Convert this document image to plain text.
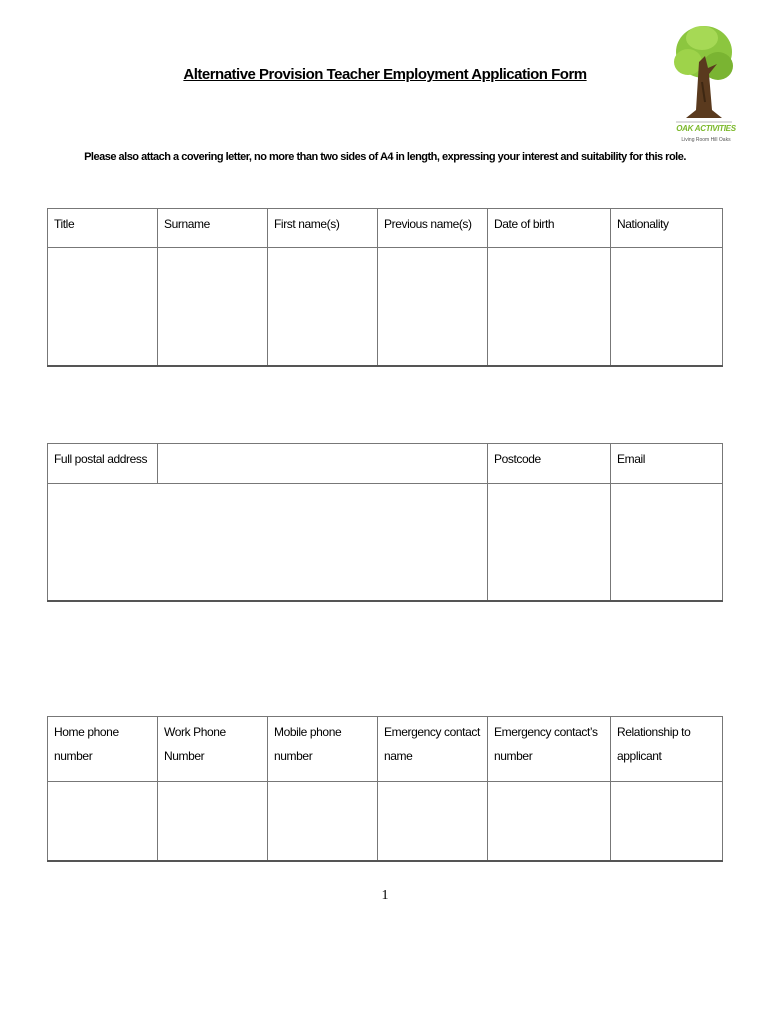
Alternative Provision Teacher Employment Application Form
Please also attach a covering letter, no more than two sides of A4 in length, expressing your interest and suitability for this role.
OAK ACTIVITIES
Living Room Hill Oaks
Title	Surname	First name(s)	Previous name(s)	Date of birth	Nationality

Full postal address		Postcode	Email

Home phone number	Work Phone Number	Mobile phone number	Emergency contact name	Emergency contact’s number	Relationship to applicant

1
